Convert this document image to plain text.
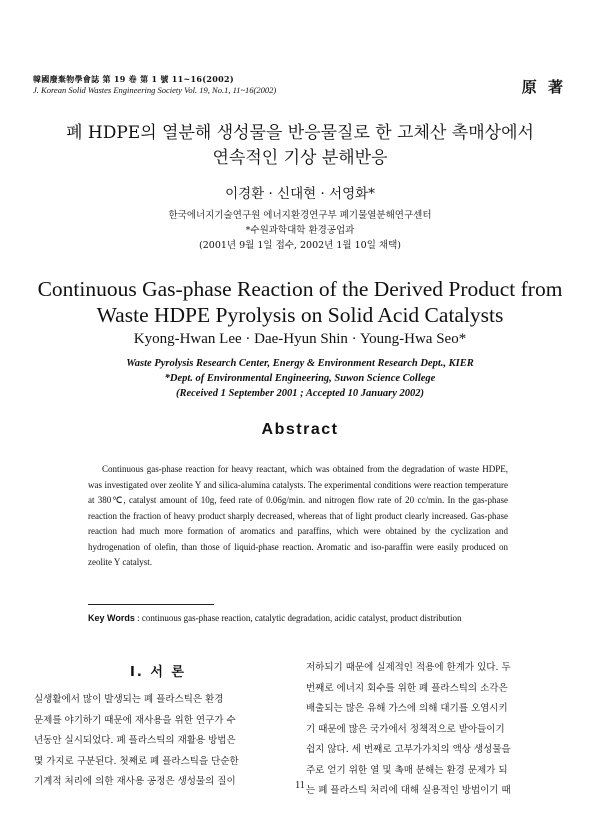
韓國廢棄物學會誌 第 19 卷 第 1 號 11~16(2002)
J. Korean Solid Wastes Engineering Society Vol. 19, No.1, 11~16(2002)	原 著
폐 HDPE의 열분해 생성물을 반응물질로 한 고체산 촉매상에서
연속적인 기상 분해반응
이경환 · 신대현 · 서영화*
한국에너지기술연구원 에너지환경연구부 폐기물열분해연구센터
*수원과학대학 환경공업과
(2001년 9월 1일 접수, 2002년 1월 10일 채택)
Continuous Gas-phase Reaction of the Derived Product from
Waste HDPE Pyrolysis on Solid Acid Catalysts
Kyong-Hwan Lee · Dae-Hyun Shin · Young-Hwa Seo*
Waste Pyrolysis Research Center, Energy & Environment Research Dept., KIER
*Dept. of Environmental Engineering, Suwon Science College
(Received 1 September 2001 ; Accepted 10 January 2002)
Abstract
Continuous gas-phase reaction for heavy reactant, which was obtained from the degradation of waste HDPE, was investigated over zeolite Y and silica-alumina catalysts. The experimental conditions were reaction temperature at 380℃, catalyst amount of 10g, feed rate of 0.06g/min. and nitrogen flow rate of 20 cc/min. In the gas-phase reaction the fraction of heavy product sharply decreased, whereas that of light product clearly increased. Gas-phase reaction had much more formation of aromatics and paraffins, which were obtained by the cyclization and hydrogenation of olefin, than those of liquid-phase reaction. Aromatic and iso-paraffin were easily produced on zeolite Y catalyst.
Key Words : continuous gas-phase reaction, catalytic degradation, acidic catalyst, product distribution
Ⅰ. 서 론
실생활에서 많이 발생되는 폐 플라스틱은 환경
문제를 야기하기 때문에 재사용을 위한 연구가 수
년동안 실시되었다. 폐 플라스틱의 재활용 방법은
몇 가지로 구분된다. 첫째로 폐 플라스틱을 단순한
기계적 처리에 의한 재사용 공정은 생성물의 질이
저하되기 때문에 실제적인 적용에 한계가 있다. 두
번째로 에너지 회수를 위한 폐 플라스틱의 소각은
배출되는 많은 유해 가스에 의해 대기를 오염시키
기 때문에 많은 국가에서 정책적으로 받아들이기
쉽지 않다. 세 번째로 고부가가치의 액상 생성물을
주로 얻기 위한 열 및 촉매 분해는 환경 문제가 되
는 폐 플라스틱 처리에 대해 실용적인 방법이기 때
11
